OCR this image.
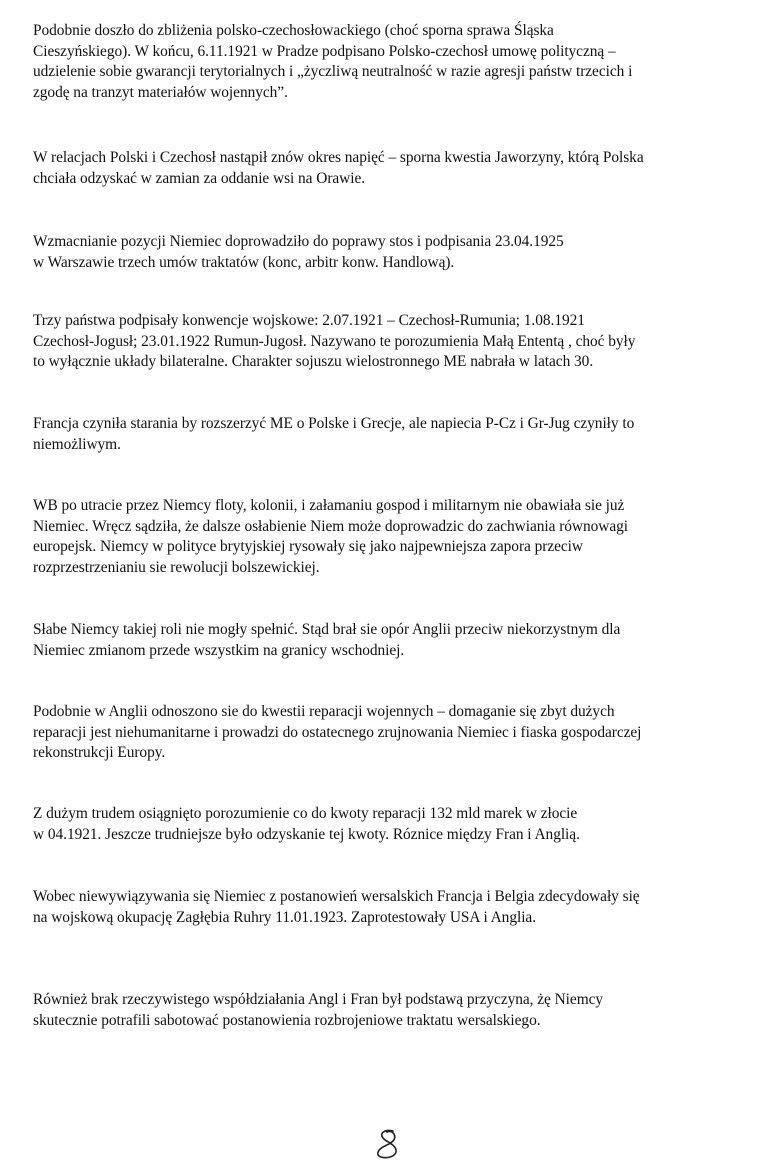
Podobnie doszło do zbliżenia polsko-czechosłowackiego (choć sporna sprawa Śląska
Cieszyńskiego). W końcu, 6.11.1921 w Pradze podpisano Polsko-czechosł umowę polityczną –
udzielenie sobie gwarancji terytorialnych i „życzliwą neutralność w razie agresji państw trzecich i
zgodę na tranzyt materiałów wojennych”.
W relacjach Polski i Czechosł nastąpił znów okres napięć – sporna kwestia Jaworzyny, którą Polska
chciała odzyskać w zamian za oddanie wsi na Orawie.
Wzmacnianie pozycji Niemiec doprowadziło do poprawy stos i podpisania 23.04.1925
w Warszawie trzech umów traktatów (konc, arbitr konw. Handlową).
Trzy państwa podpisały konwencje wojskowe: 2.07.1921 – Czechosł-Rumunia; 1.08.1921
Czechosł-Jogusł; 23.01.1922 Rumun-Jugosł. Nazywano te porozumienia Małą Ententą , choć były
to wyłącznie układy bilateralne. Charakter sojuszu wielostronnego ME nabrała w latach 30.
Francja czyniła starania by rozszerzyć ME o Polske i Grecje, ale napiecia P-Cz i Gr-Jug czyniły to
niemożliwym.
WB po utracie przez Niemcy floty, kolonii, i załamaniu gospod i militarnym nie obawiała sie już
Niemiec. Wręcz sądziła, że dalsze osłabienie Niem może doprowadzic do zachwiania równowagi
europejsk. Niemcy w polityce brytyjskiej rysowały się jako najpewniejsza zapora przeciw
rozprzestrzenianiu sie rewolucji bolszewickiej.
Słabe Niemcy takiej roli nie mogły spełnić. Stąd brał sie opór Anglii przeciw niekorzystnym dla
Niemiec zmianom przede wszystkim na granicy wschodniej.
Podobnie w Anglii odnoszono sie do kwestii reparacji wojennych – domaganie się zbyt dużych
reparacji jest niehumanitarne i prowadzi do ostatecnego zrujnowania Niemiec i fiaska gospodarczej
rekonstrukcji Europy.
Z dużym trudem osiągnięto porozumienie co do kwoty reparacji 132 mld marek w złocie
w 04.1921. Jeszcze trudniejsze było odzyskanie tej kwoty. Róznice między Fran i Anglią.
Wobec niewywiązywania się Niemiec z postanowień wersalskich Francja i Belgia zdecydowały się
na wojskową okupację Zagłębia Ruhry 11.01.1923. Zaprotestowały USA i Anglia.
Również brak rzeczywistego współdziałania Angl i Fran był podstawą przyczyna, żę Niemcy
skutecznie potrafili sabotować postanowienia rozbrojeniowe traktatu wersalskiego.
